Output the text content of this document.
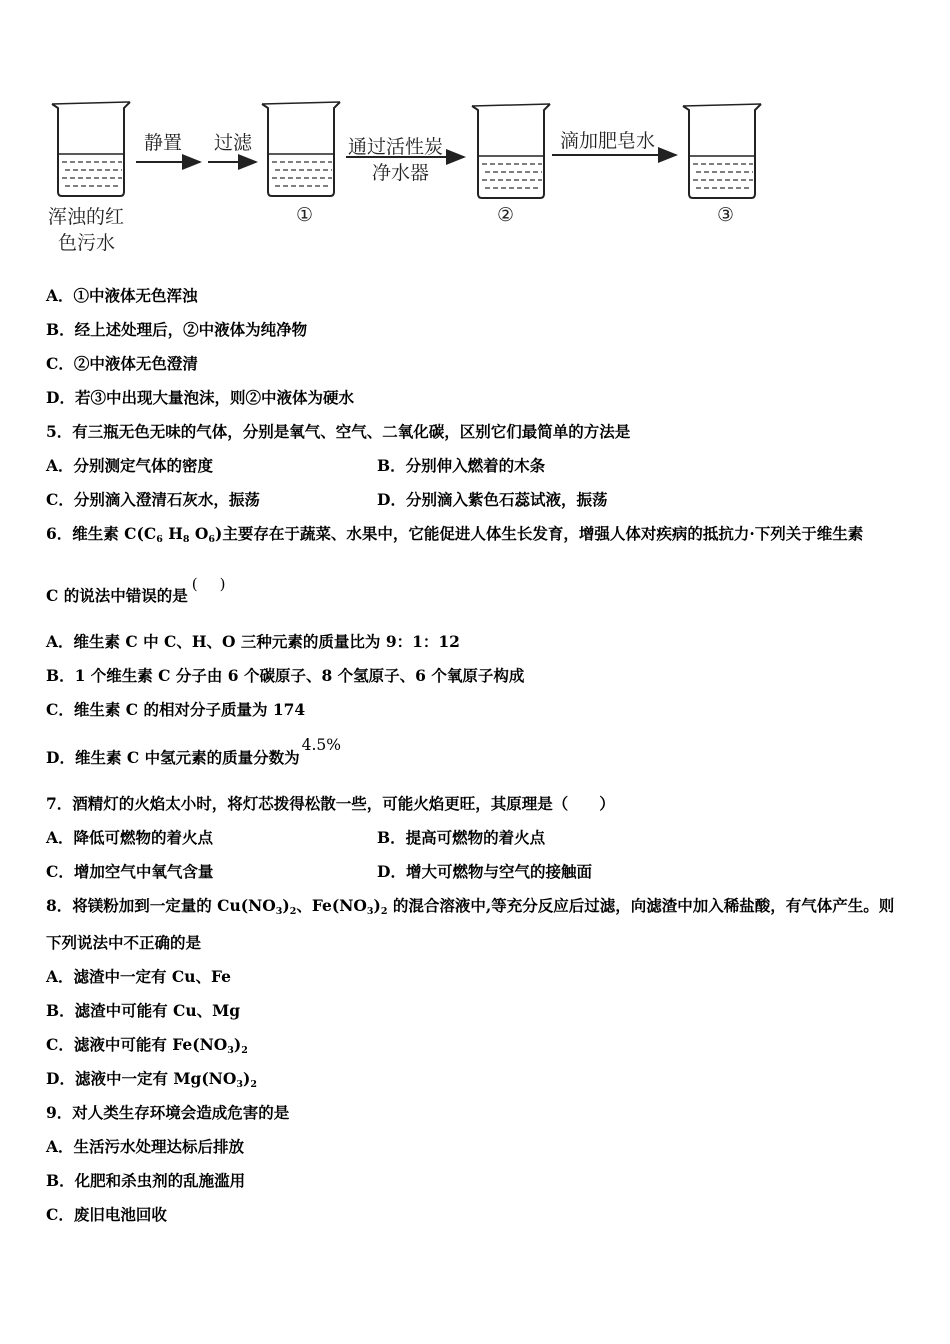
静置 过滤	通过活性炭
净水器
滴加肥皂水
浑浊的红
色污水
①	②	③
A．①中液体无色浑浊
B．经上述处理后，②中液体为纯净物
C．②中液体无色澄清
D．若③中出现大量泡沫，则②中液体为硬水
5．有三瓶无色无味的气体，分别是氧气、空气、二氧化碳，区别它们最简单的方法是
A．分别测定气体的密度	B．分别伸入燃着的木条
C．分别滴入澄清石灰水，振荡	D．分别滴入紫色石蕊试液，振荡
6．维生素 $C(C_6$ $H_8$ $O_6$)主要存在于蔬菜、水果中，它能促进人体生长发育，增强人体对疾病的抵抗力·下列关于维生素
C 的说法中错误的是()
A．维生素 C 中 C、H、O 三种元素的质量比为 9：1：12
B．1 个维生素 C 分子由 6 个碳原子、8 个氢原子、6 个氧原子构成
C．维生素 C 的相对分子质量为 174
D．维生素 C 中氢元素的质量分数为4.5%
7．酒精灯的火焰太小时，将灯芯拨得松散一些，可能火焰更旺，其原理是（　　）
A．降低可燃物的着火点	B．提高可燃物的着火点
C．增加空气中氧气含量	D．增大可燃物与空气的接触面
8．将镁粉加到一定量的 $Cu(NO_3)_2$、$Fe(NO_3)_2$ 的混合溶液中,等充分反应后过滤，向滤渣中加入稀盐酸，有气体产生。则
下列说法中不正确的是
A．滤渣中一定有 Cu、Fe
B．滤渣中可能有 Cu、Mg
C．滤液中可能有 $Fe(NO_3)_2$
D．滤液中一定有 $Mg(NO_3)_2$
9．对人类生存环境会造成危害的是
A．生活污水处理达标后排放
B．化肥和杀虫剂的乱施滥用
C．废旧电池回收
